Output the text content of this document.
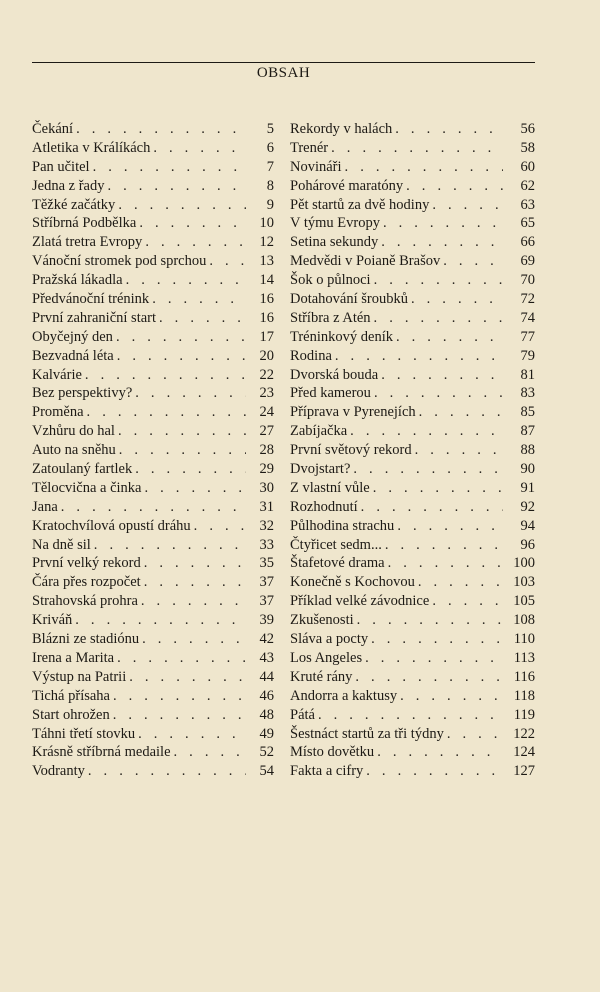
OBSAH
Čekání . . .	5
Atletika v Králíkách . . .	6
Pan učitel . . .	7
Jedna z řady . . .	8
Těžké začátky . . .	9
Stříbrná Podbělka . . .	10
Zlatá tretra Evropy . . .	12
Vánoční stromek pod sprchou . . .	13
Pražská lákadla . . .	14
Předvánoční trénink . . .	16
První zahraniční start . . .	16
Obyčejný den . . .	17
Bezvadná léta . . .	20
Kalvárie . . .	22
Bez perspektivy? . . .	23
Proměna . . .	24
Vzhůru do hal . . .	27
Auto na sněhu . . .	28
Zatoulaný fartlek . . .	29
Tělocvična a činka . . .	30
Jana . . .	31
Kratochvílová opustí dráhu . . .	32
Na dně sil . . .	33
První velký rekord . . .	35
Čára přes rozpočet . . .	37
Strahovská prohra . . .	37
Kriváň . . .	39
Blázni ze stadiónu . . .	42
Irena a Marita . . .	43
Výstup na Patrii . . .	44
Tichá přísaha . . .	46
Start ohrožen . . .	48
Táhni třetí stovku . . .	49
Krásně stříbrná medaile . . .	52
Vodranty . . .	54
Rekordy v halách . . .	56
Trenér . . .	58
Novináři . . .	60
Pohárové maratóny . . .	62
Pět startů za dvě hodiny . . .	63
V týmu Evropy . . .	65
Setina sekundy . . .	66
Medvědi v Poianě Brašov . . .	69
Šok o půlnoci . . .	70
Dotahování šroubků . . .	72
Stříbra z Atén . . .	74
Tréninkový deník . . .	77
Rodina . . .	79
Dvorská bouda . . .	81
Před kamerou . . .	83
Příprava v Pyrenejích . . .	85
Zabíjačka . . .	87
První světový rekord . . .	88
Dvojstart? . . .	90
Z vlastní vůle . . .	91
Rozhodnutí . . .	92
Půlhodina strachu . . .	94
Čtyřicet sedm... . . .	96
Štafetové drama . . .	100
Konečně s Kochovou . . .	103
Příklad velké závodnice . . .	105
Zkušenosti . . .	108
Sláva a pocty . . .	110
Los Angeles . . .	113
Kruté rány . . .	116
Andorra a kaktusy . . .	118
Pátá . . .	119
Šestnáct startů za tři týdny . . .	122
Místo dovětku . . .	124
Fakta a cifry . . .	127
